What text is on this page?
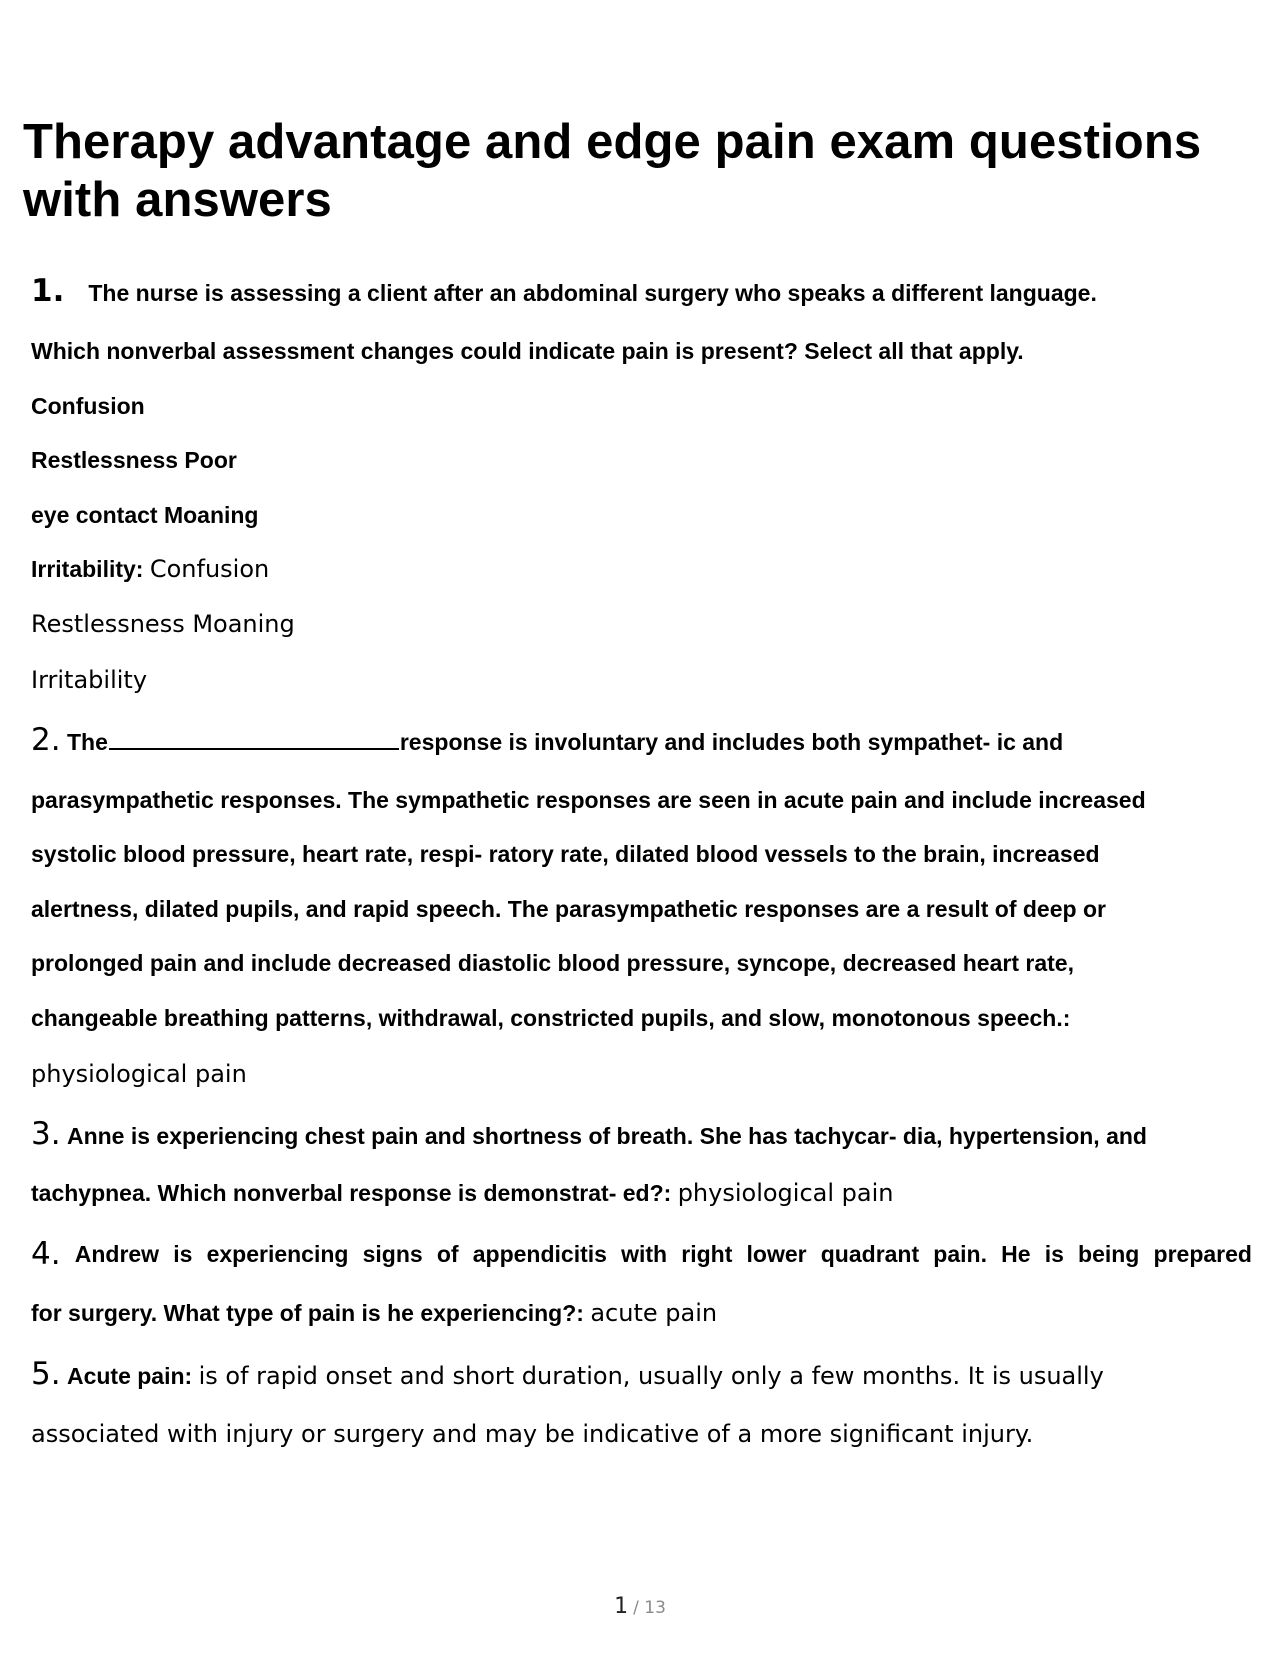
Therapy advantage and edge pain exam questions with answers
1. The nurse is assessing a client after an abdominal surgery who speaks a different language.
Which nonverbal assessment changes could indicate pain is present? Select all that apply.
Confusion
Restlessness Poor
eye contact Moaning
Irritability: Confusion
Restlessness Moaning
Irritability
2. The	response is involuntary and includes both sympathet- ic and
parasympathetic responses. The sympathetic responses are seen in acute pain and include increased
systolic blood pressure, heart rate, respi- ratory rate, dilated blood vessels to the brain, increased
alertness, dilated pupils, and rapid speech. The parasympathetic responses are a result of deep or
prolonged pain and include decreased diastolic blood pressure, syncope, decreased heart rate,
changeable breathing patterns, withdrawal, constricted pupils, and slow, monotonous speech.:
physiological pain
3. Anne is experiencing chest pain and shortness of breath. She has tachycar- dia, hypertension, and
tachypnea. Which nonverbal response is demonstrat- ed?: physiological pain
4. Andrew is experiencing signs of appendicitis with right lower quadrant pain. He is being prepared
for surgery. What type of pain is he experiencing?: acute pain
5. Acute pain: is of rapid onset and short duration, usually only a few months. It is usually
associated with injury or surgery and may be indicative of a more significant injury.
1 / 13
